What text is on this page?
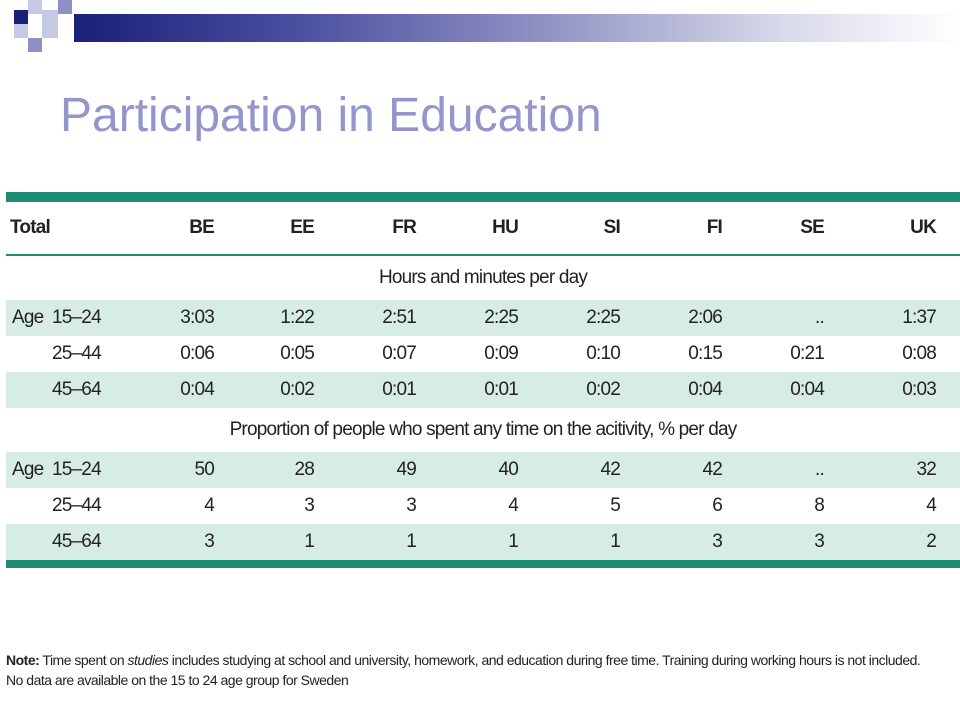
Participation in Education
Total		BE	EE	FR	HU	SI	FI	SE	UK
Hours and minutes per day									
Age	15–24	3:03	1:22	2:51	2:25	2:25	2:06	..	1:37
	25–44	0:06	0:05	0:07	0:09	0:10	0:15	0:21	0:08
	45–64	0:04	0:02	0:01	0:01	0:02	0:04	0:04	0:03
Proportion of people who spent any time on the acitivity, % per day									
Age	15–24	50	28	49	40	42	42	..	32
	25–44	4	3	3	4	5	6	8	4
	45–64	3	1	1	1	1	3	3	2
Note: Time spent on studies includes studying at school and university, homework, and education during free time. Training during working hours is not included.
No data are available on the 15 to 24 age group for Sweden
